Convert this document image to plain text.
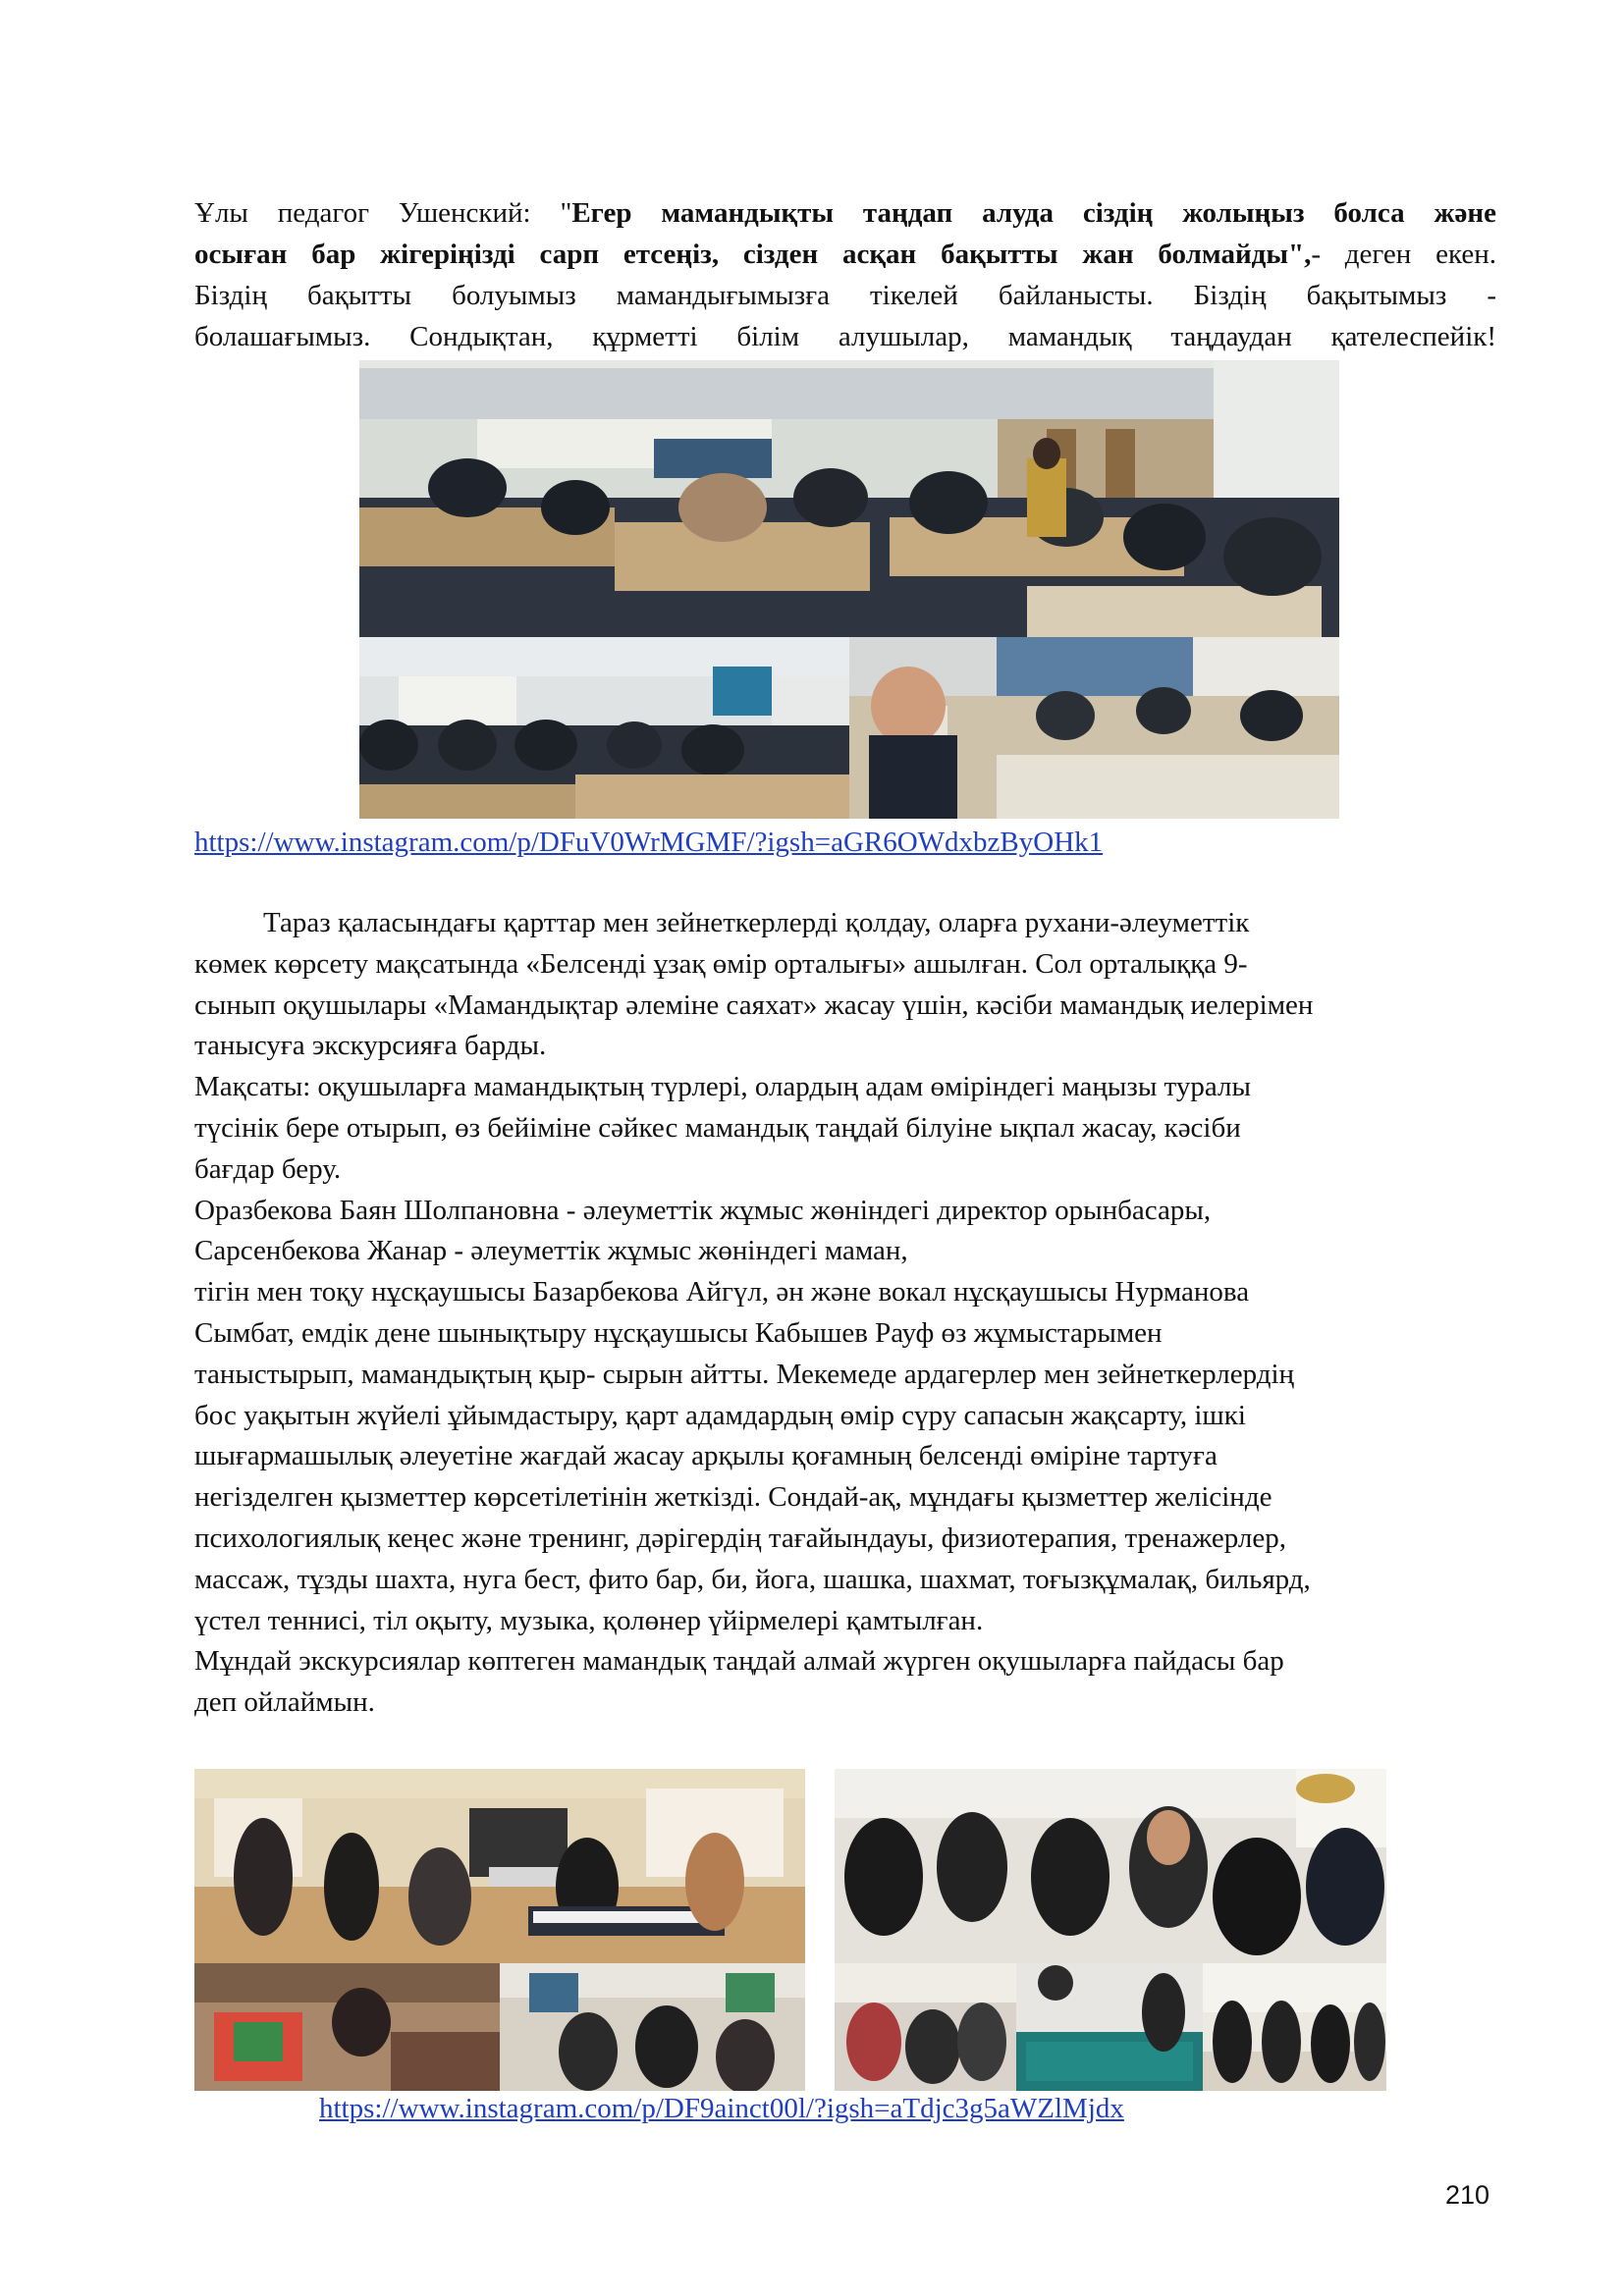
Ұлы педагог Ушенский: "Егер мамандықты таңдап алуда сіздің жолыңыз болса және
осыған бар жігеріңізді сарп етсеңіз, сізден асқан бақытты жан болмайды",- деген екен.
Біздің бақытты болуымыз мамандығымызға тікелей байланысты. Біздің бақытымыз -
болашағымыз. Сондықтан, құрметті білім алушылар, мамандық таңдаудан қателеспейік!
https://www.instagram.com/p/DFuV0WrMGMF/?igsh=aGR6OWdxbzByOHk1
Тараз қаласындағы қарттар мен зейнеткерлерді қолдау, оларға рухани-әлеуметтік
көмек көрсету мақсатында «Белсенді ұзақ өмір орталығы» ашылған. Сол орталыққа 9-
сынып оқушылары «Мамандықтар әлеміне саяхат» жасау үшін, кәсіби мамандық иелерімен
танысуға экскурсияға барды.
Мақсаты: оқушыларға мамандықтың түрлері, олардың адам өміріндегі маңызы туралы
түсінік бере отырып, өз бейіміне сәйкес мамандық таңдай білуіне ықпал жасау, кәсіби
бағдар беру.
Оразбекова Баян Шолпановна - әлеуметтік жұмыс жөніндегі директор орынбасары,
Сарсенбекова Жанар - әлеуметтік жұмыс жөніндегі маман,
тігін мен тоқу нұсқаушысы Базарбекова Айгүл, ән және вокал нұсқаушысы Нурманова
Сымбат, емдік дене шынықтыру нұсқаушысы Кабышев Рауф өз жұмыстарымен
таныстырып, мамандықтың қыр- сырын айтты. Мекемеде ардагерлер мен зейнеткерлердің
бос уақытын жүйелі ұйымдастыру, қарт адамдардың өмір сүру сапасын жақсарту, ішкі
шығармашылық әлеуетіне жағдай жасау арқылы қоғамның белсенді өміріне тартуға
негізделген қызметтер көрсетілетінін жеткізді. Сондай-ақ, мұндағы қызметтер желісінде
психологиялық кеңес және тренинг, дәрігердің тағайындауы, физиотерапия, тренажерлер,
массаж, тұзды шахта, нуга бест, фито бар, би, йога, шашка, шахмат, тоғызқұмалақ, бильярд,
үстел теннисі, тіл оқыту, музыка, қолөнер үйірмелері қамтылған.
Мұндай экскурсиялар көптеген мамандық таңдай алмай жүрген оқушыларға пайдасы бар
деп ойлаймын.
https://www.instagram.com/p/DF9ainct00l/?igsh=aTdjc3g5aWZlMjdx
210
